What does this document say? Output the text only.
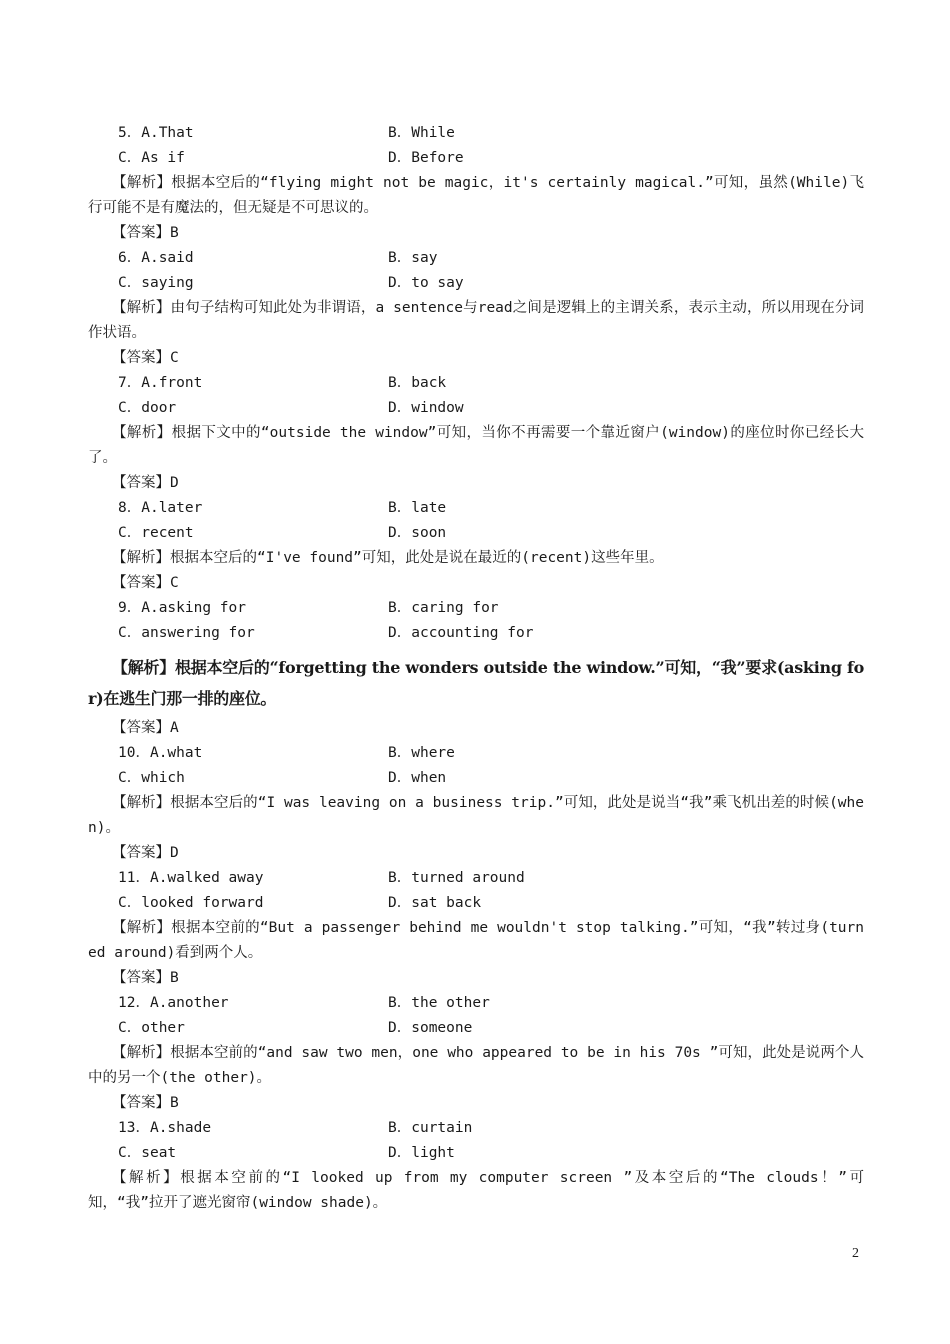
5．A.That	B．While
C．As if	D．Before
【解析】根据本空后的“flying might not be magic，it's certainly magical.”可知，虽然(While)飞行可能不是有魔法的，但无疑是不可思议的。
【答案】B
6．A.said	B．say
C．saying	D．to say
【解析】由句子结构可知此处为非谓语，a sentence与read之间是逻辑上的主谓关系，表示主动，所以用现在分词作状语。
【答案】C
7．A.front	B．back
C．door	D．window
【解析】根据下文中的“outside the window”可知，当你不再需要一个靠近窗户(window)的座位时你已经长大了。
【答案】D
8．A.later	B．late
C．recent	D．soon
【解析】根据本空后的“I've found”可知，此处是说在最近的(recent)这些年里。
【答案】C
9．A.asking for	B．caring for
C．answering for	D．accounting for
【解析】根据本空后的“forgetting the wonders outside the window.”可知，“我”要求(asking for)在逃生门那一排的座位。
【答案】A
10．A.what	B．where
C．which	D．when
【解析】根据本空后的“I was leaving on a business trip.”可知，此处是说当“我”乘飞机出差的时候(when)。
【答案】D
11．A.walked away	B．turned around
C．looked forward	D．sat back
【解析】根据本空前的“But a passenger behind me wouldn't stop talking.”可知，“我”转过身(turned around)看到两个人。
【答案】B
12．A.another	B．the other
C．other	D．someone
【解析】根据本空前的“and saw two men，one who appeared to be in his 70s ”可知，此处是说两个人中的另一个(the other)。
【答案】B
13．A.shade	B．curtain
C．seat	D．light
【解析】根据本空前的“I looked up from my computer screen ”及本空后的“The clouds！”可知，“我”拉开了遮光窗帘(window shade)。
2
